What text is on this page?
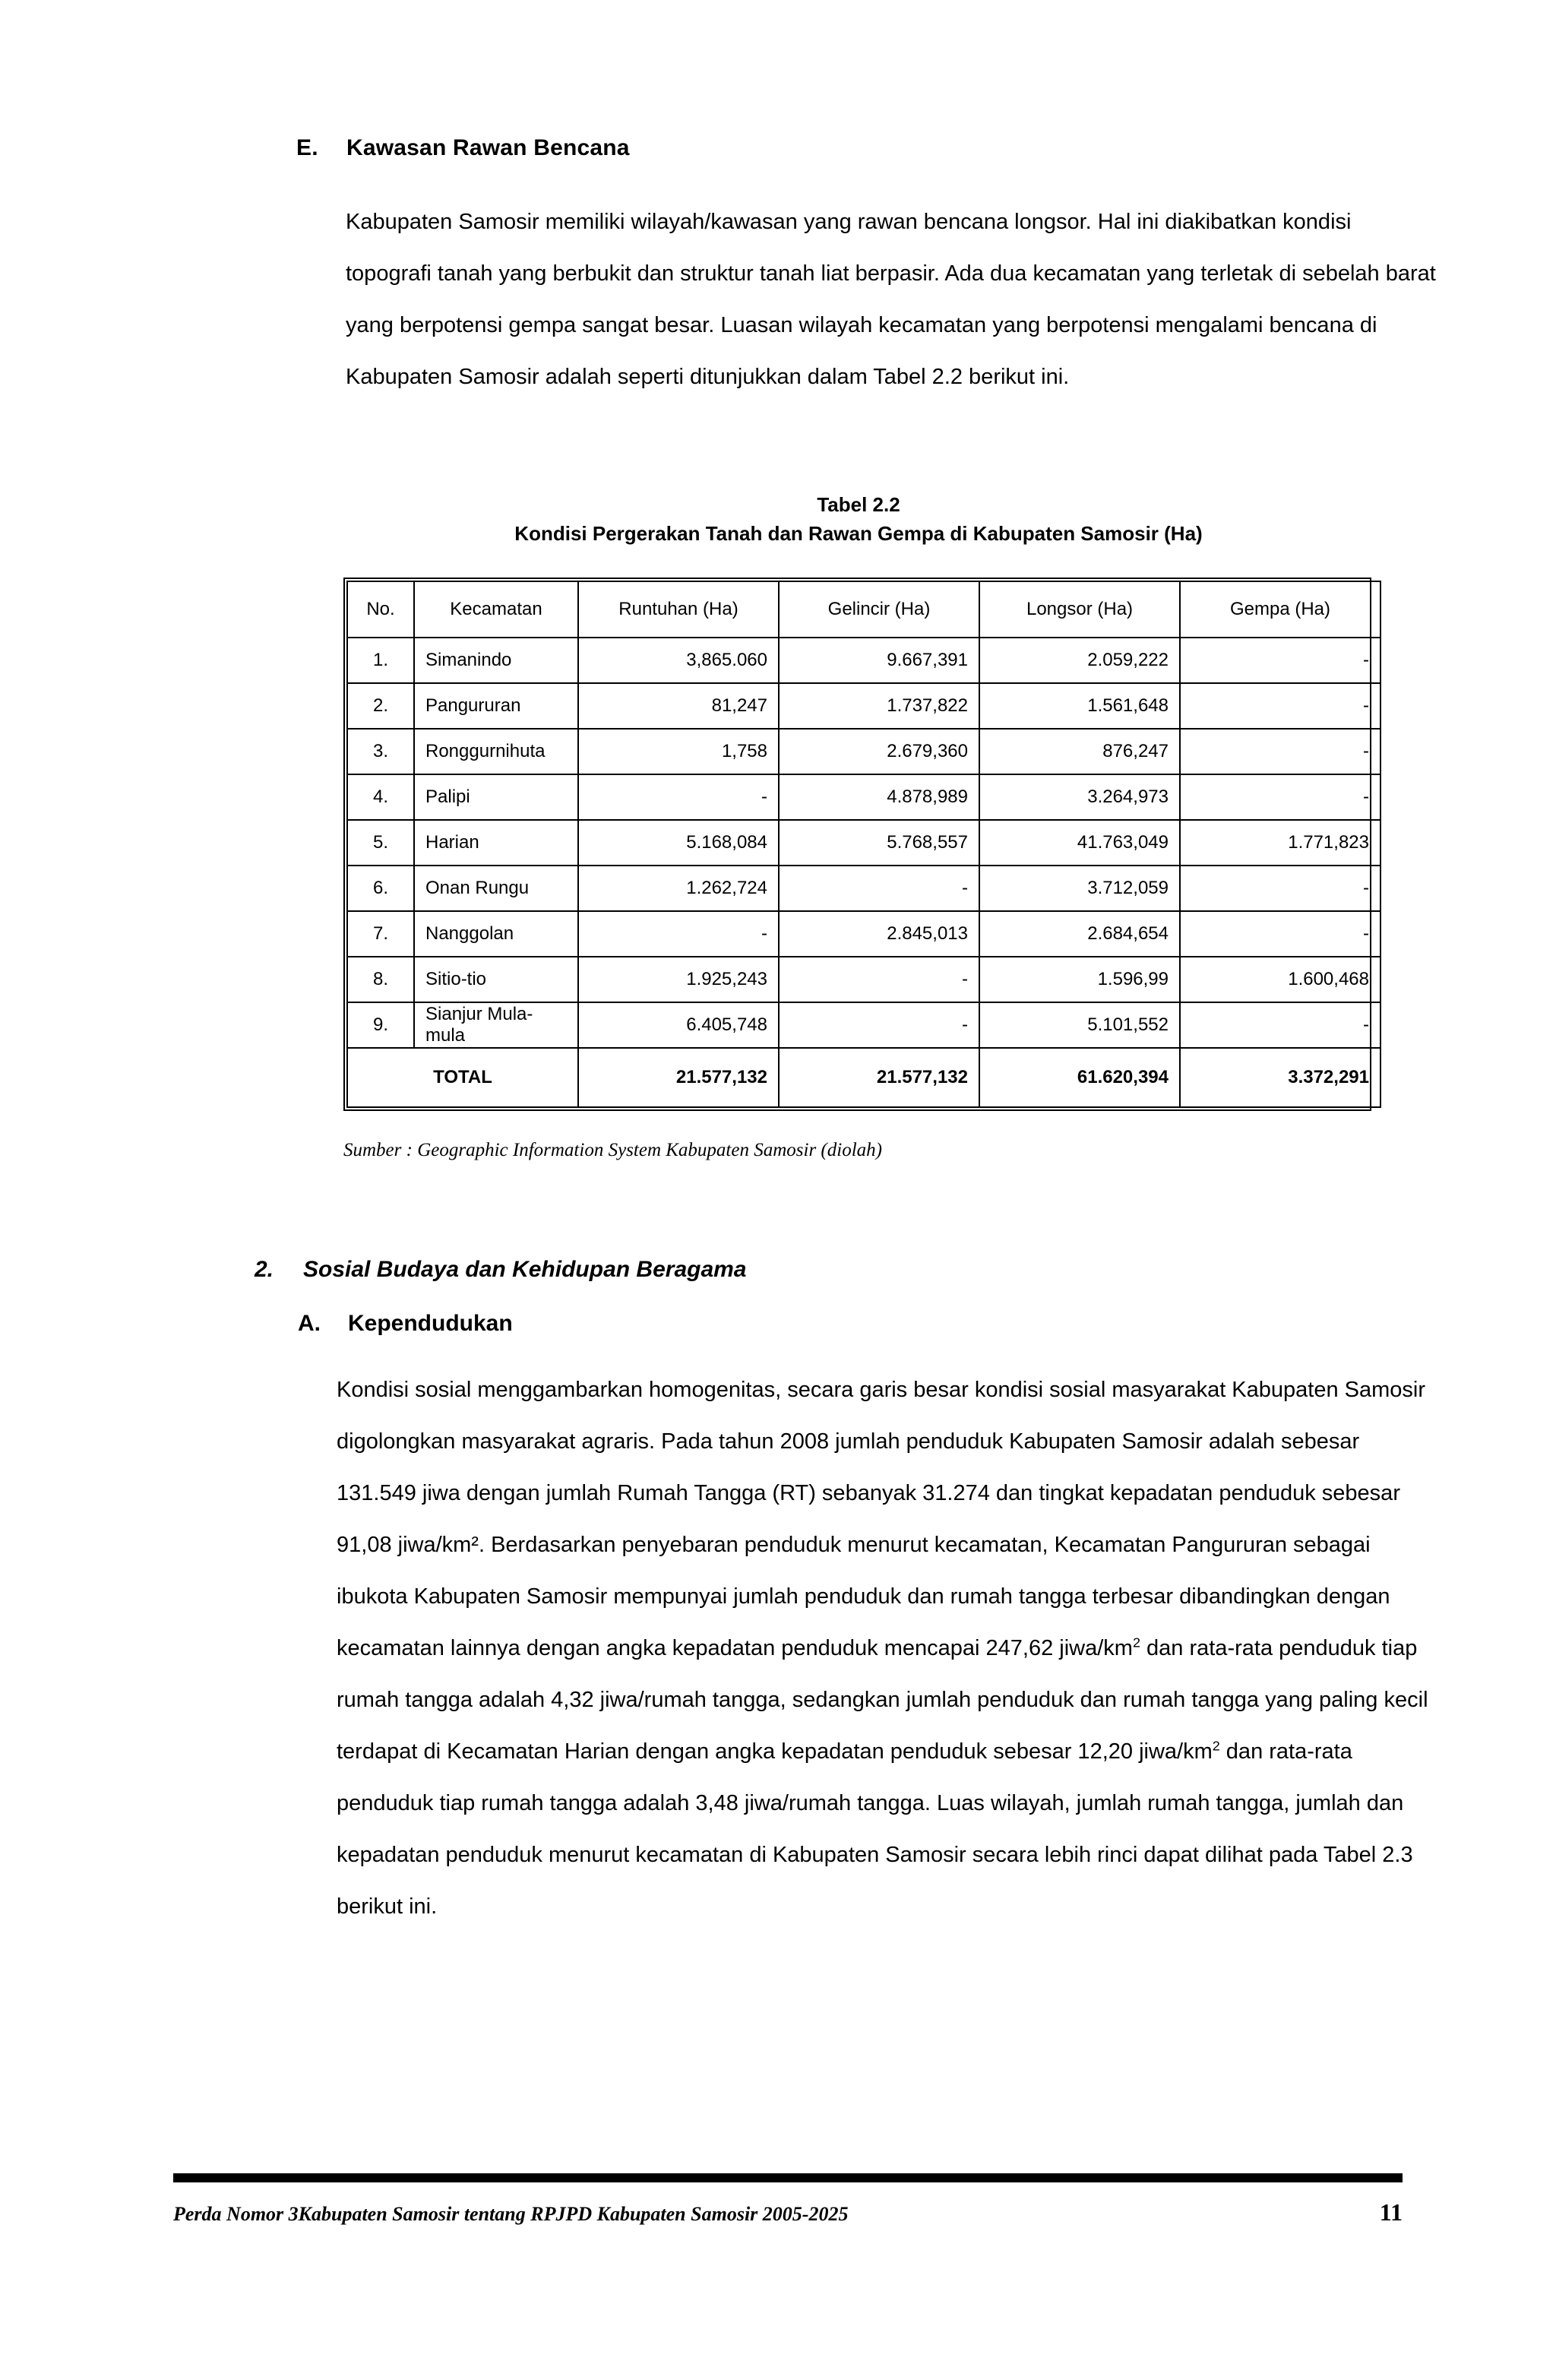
E.	Kawasan Rawan Bencana

Kabupaten Samosir memiliki wilayah/kawasan yang rawan bencana longsor. Hal ini diakibatkan kondisi topografi tanah yang berbukit dan struktur tanah liat berpasir. Ada dua kecamatan yang terletak di sebelah barat yang berpotensi gempa sangat besar. Luasan wilayah kecamatan yang berpotensi mengalami bencana di Kabupaten Samosir adalah seperti ditunjukkan dalam Tabel 2.2 berikut ini.

Tabel 2.2
Kondisi Pergerakan Tanah dan Rawan Gempa di Kabupaten Samosir (Ha)
No.	Kecamatan	Runtuhan (Ha)	Gelincir (Ha)	Longsor (Ha)	Gempa (Ha)
1.	Simanindo	3,865.060	9.667,391	2.059,222	-
2.	Pangururan	81,247	1.737,822	1.561,648	-
3.	Ronggurnihuta	1,758	2.679,360	876,247	-
4.	Palipi	-	4.878,989	3.264,973	-
5.	Harian	5.168,084	5.768,557	41.763,049	1.771,823
6.	Onan Rungu	1.262,724	-	3.712,059	-
7.	Nanggolan	-	2.845,013	2.684,654	-
8.	Sitio-tio	1.925,243	-	1.596,99	1.600,468
9.	Sianjur Mula-mula	6.405,748	-	5.101,552	-
TOTAL		21.577,132	21.577,132	61.620,394	3.372,291
Sumber : Geographic Information System Kabupaten Samosir (diolah)
2.	Sosial Budaya dan Kehidupan Beragama
A.	Kependudukan

Kondisi sosial menggambarkan homogenitas, secara garis besar kondisi sosial masyarakat Kabupaten Samosir digolongkan masyarakat agraris. Pada tahun 2008 jumlah penduduk Kabupaten Samosir adalah sebesar 131.549 jiwa dengan jumlah Rumah Tangga (RT) sebanyak 31.274 dan tingkat kepadatan penduduk sebesar 91,08 jiwa/km². Berdasarkan penyebaran penduduk menurut kecamatan, Kecamatan Pangururan sebagai ibukota Kabupaten Samosir mempunyai jumlah penduduk dan rumah tangga terbesar dibandingkan dengan kecamatan lainnya dengan angka kepadatan penduduk mencapai 247,62 jiwa/$km^2$ dan rata-rata penduduk tiap rumah tangga adalah 4,32 jiwa/rumah tangga, sedangkan jumlah penduduk dan rumah tangga yang paling kecil terdapat di Kecamatan Harian dengan angka kepadatan penduduk sebesar 12,20 jiwa/$km^2$ dan rata-rata penduduk tiap rumah tangga adalah 3,48 jiwa/rumah tangga. Luas wilayah, jumlah rumah tangga, jumlah dan kepadatan penduduk menurut kecamatan di Kabupaten Samosir secara lebih rinci dapat dilihat pada Tabel 2.3 berikut ini.

Perda Nomor 3Kabupaten Samosir tentang RPJPD Kabupaten Samosir 2005-2025	11
